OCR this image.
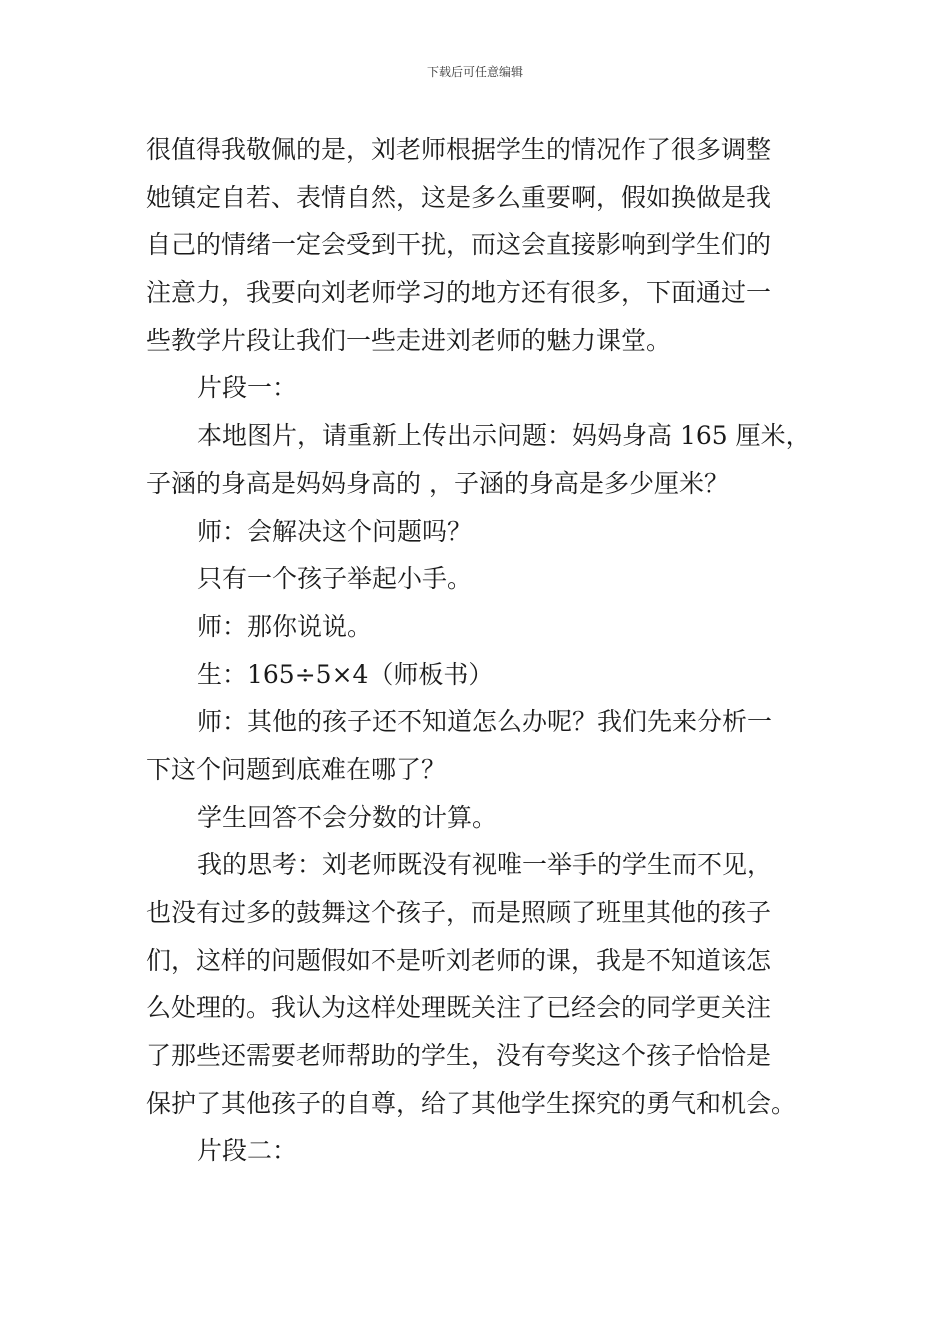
下载后可任意编辑
很值得我敬佩的是，刘老师根据学生的情况作了很多调整
她镇定自若、表情自然，这是多么重要啊，假如换做是我
自己的情绪一定会受到干扰，而这会直接影响到学生们的
注意力，我要向刘老师学习的地方还有很多，下面通过一
些教学片段让我们一些走进刘老师的魅力课堂。
片段一：
本地图片，请重新上传出示问题：妈妈身高 165 厘米，
子涵的身高是妈妈身高的 ，子涵的身高是多少厘米？
师：会解决这个问题吗？
只有一个孩子举起小手。
师：那你说说。
生：165÷5×4（师板书）
师：其他的孩子还不知道怎么办呢？我们先来分析一
下这个问题到底难在哪了？
学生回答不会分数的计算。
我的思考：刘老师既没有视唯一举手的学生而不见，
也没有过多的鼓舞这个孩子，而是照顾了班里其他的孩子
们，这样的问题假如不是听刘老师的课，我是不知道该怎
么处理的。我认为这样处理既关注了已经会的同学更关注
了那些还需要老师帮助的学生，没有夸奖这个孩子恰恰是
保护了其他孩子的自尊，给了其他学生探究的勇气和机会。
片段二：
